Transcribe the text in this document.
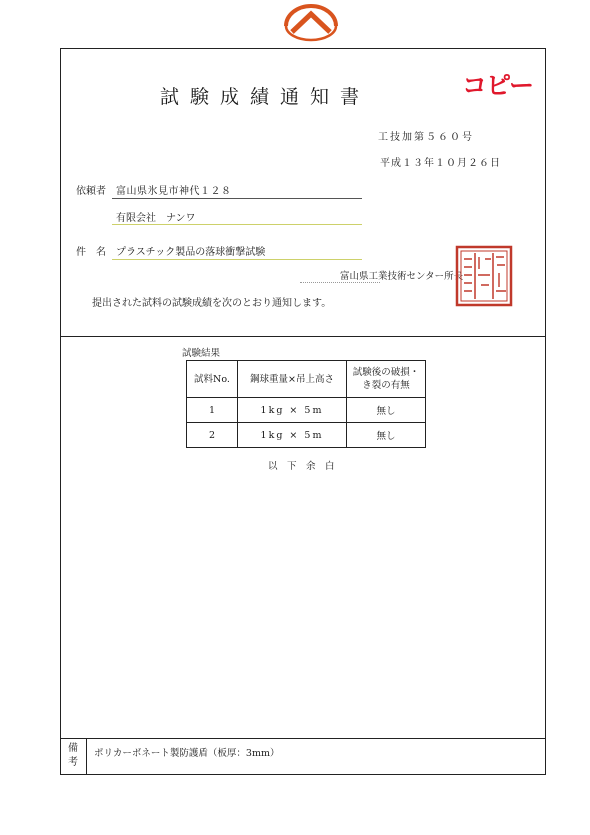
試験成績通知書	コピー
工技加第５６０号
平成１３年１０月２６日
依頼者 富山県氷見市神代１２８
有限会社　ナンワ
件　名 プラスチック製品の落球衝撃試験
富山県工業技術センター所長
提出された試料の試験成績を次のとおり通知します。
試験結果
試料No.	鋼球重量×吊上高さ	試験後の破損・き裂の有無
1	1kg × 5m	無し
2	1kg × 5m	無し
以　下　余　白
備考
ポリカーボネート製防護盾（板厚：3mm）
